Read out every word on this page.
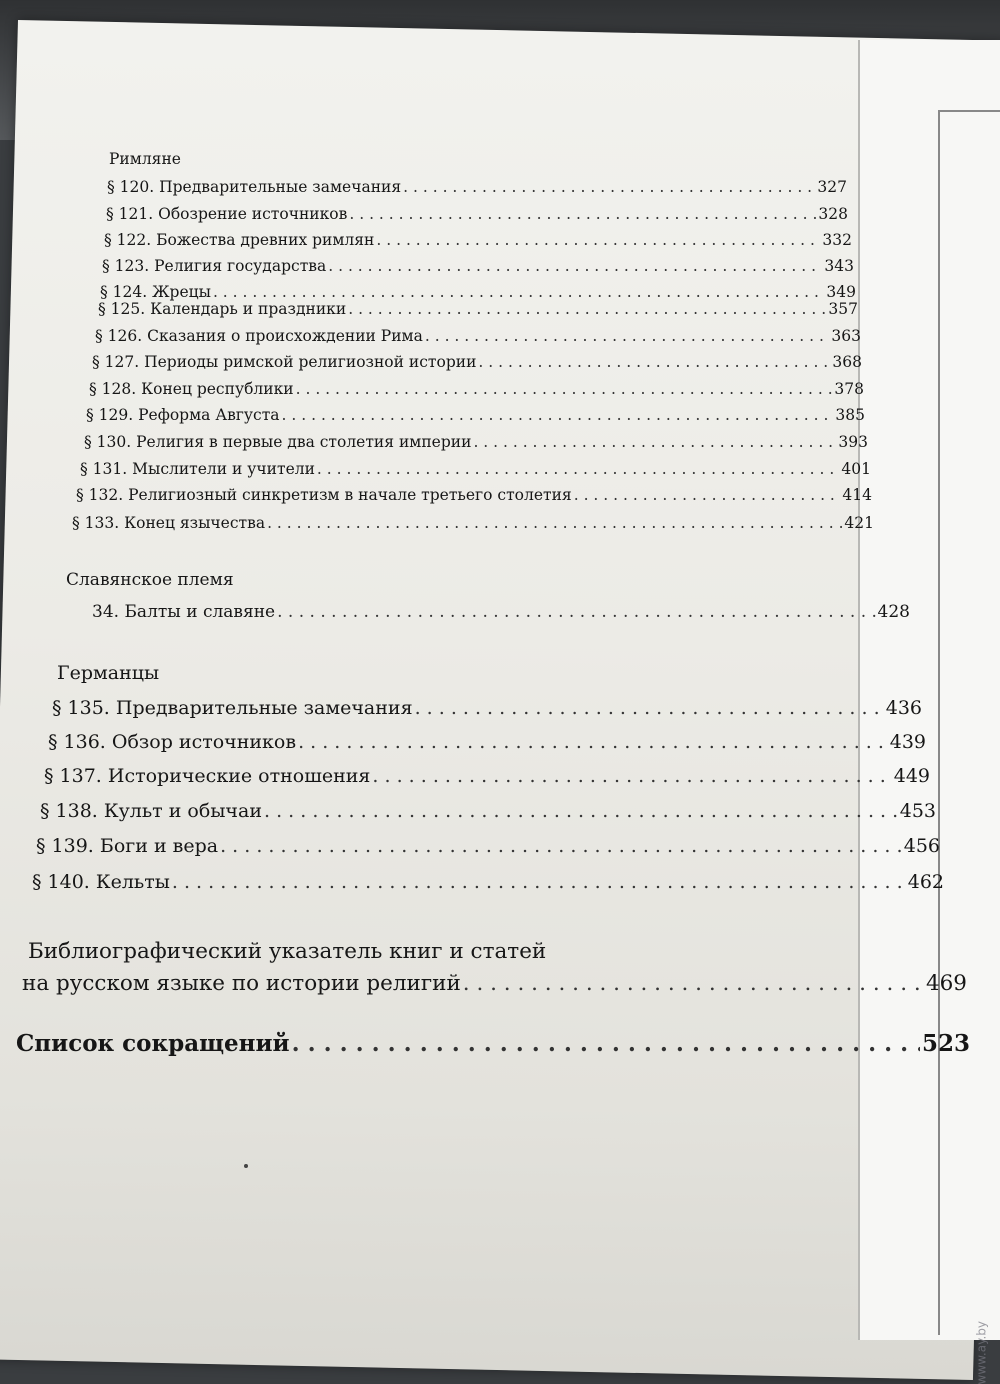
Римляне
§ 120. Предварительные замечания . . .	327
§ 121. Обозрение источников . . .	328
§ 122. Божества древних римлян . . .	332
§ 123. Религия государства . . .	343
§ 124. Жрецы . . .	349
§ 125. Календарь и праздники . . .	357
§ 126. Сказания о происхождении Рима . . .	363
§ 127. Периоды римской религиозной истории . . .	368
§ 128. Конец республики . . .	378
§ 129. Реформа Августа . . .	385
§ 130. Религия в первые два столетия империи . . .	393
§ 131. Мыслители и учители . . .	401
§ 132. Религиозный синкретизм в начале третьего столетия . . .	414
§ 133. Конец язычества . . .	421
Славянское племя
34. Балты и славяне . . .	428
Германцы
§ 135. Предварительные замечания . . .	436
§ 136. Обзор источников . . .	439
§ 137. Исторические отношения . . .	449
§ 138. Культ и обычаи . . .	453
§ 139. Боги и вера . . .	456
§ 140. Кельты . . .	462
Библиографический указатель книг и статей
на русском языке по истории религий . . .	469
Список сокращений . . .	523
www.ay.by
